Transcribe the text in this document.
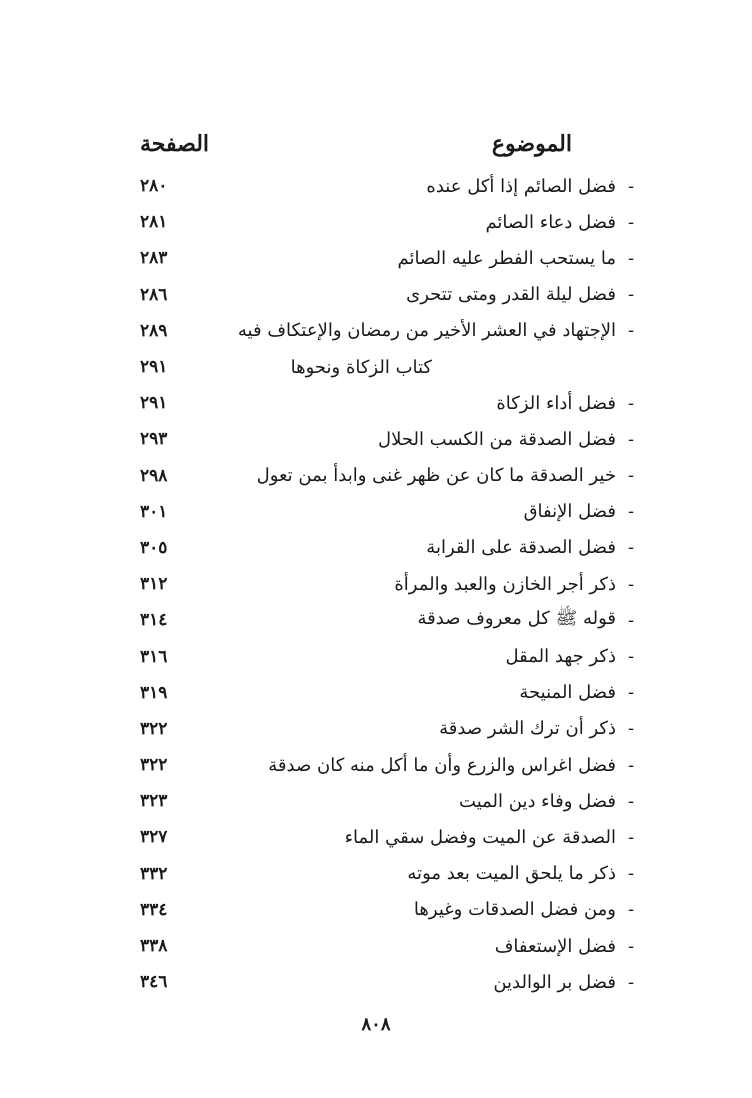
الموضوع
الصفحة
-
فضل الصائم إذا أكل عنده
٢٨٠
-
فضل دعاء الصائم
٢٨١
-
ما يستحب الفطر عليه الصائم
٢٨٣
-
فضل ليلة القدر ومتى تتحرى
٢٨٦
-
الإجتهاد في العشر الأخير من رمضان والإعتكاف فيه
٢٨٩
كتاب الزكاة ونحوها
٢٩١
-
فضل أداء الزكاة
٢٩١
-
فضل الصدقة من الكسب الحلال
٢٩٣
-
خير الصدقة ما كان عن ظهر غنى وابدأ بمن تعول
٢٩٨
-
فضل الإنفاق
٣٠١
-
فضل الصدقة على القرابة
٣٠٥
-
ذكر أجر الخازن والعبد والمرأة
٣١٢
-
قوله ﷺ كل معروف صدقة
٣١٤
-
ذكر جهد المقل
٣١٦
-
فضل المنيحة
٣١٩
-
ذكر أن ترك الشر صدقة
٣٢٢
-
فضل اغراس والزرع وأن ما أكل منه كان صدقة
٣٢٢
-
فضل وفاء دين الميت
٣٢٣
-
الصدقة عن الميت وفضل سقي الماء
٣٢٧
-
ذكر ما يلحق الميت بعد موته
٣٣٢
-
ومن فضل الصدقات وغيرها
٣٣٤
-
فضل الإستعفاف
٣٣٨
-
فضل بر الوالدين
٣٤٦
٨٠٨
